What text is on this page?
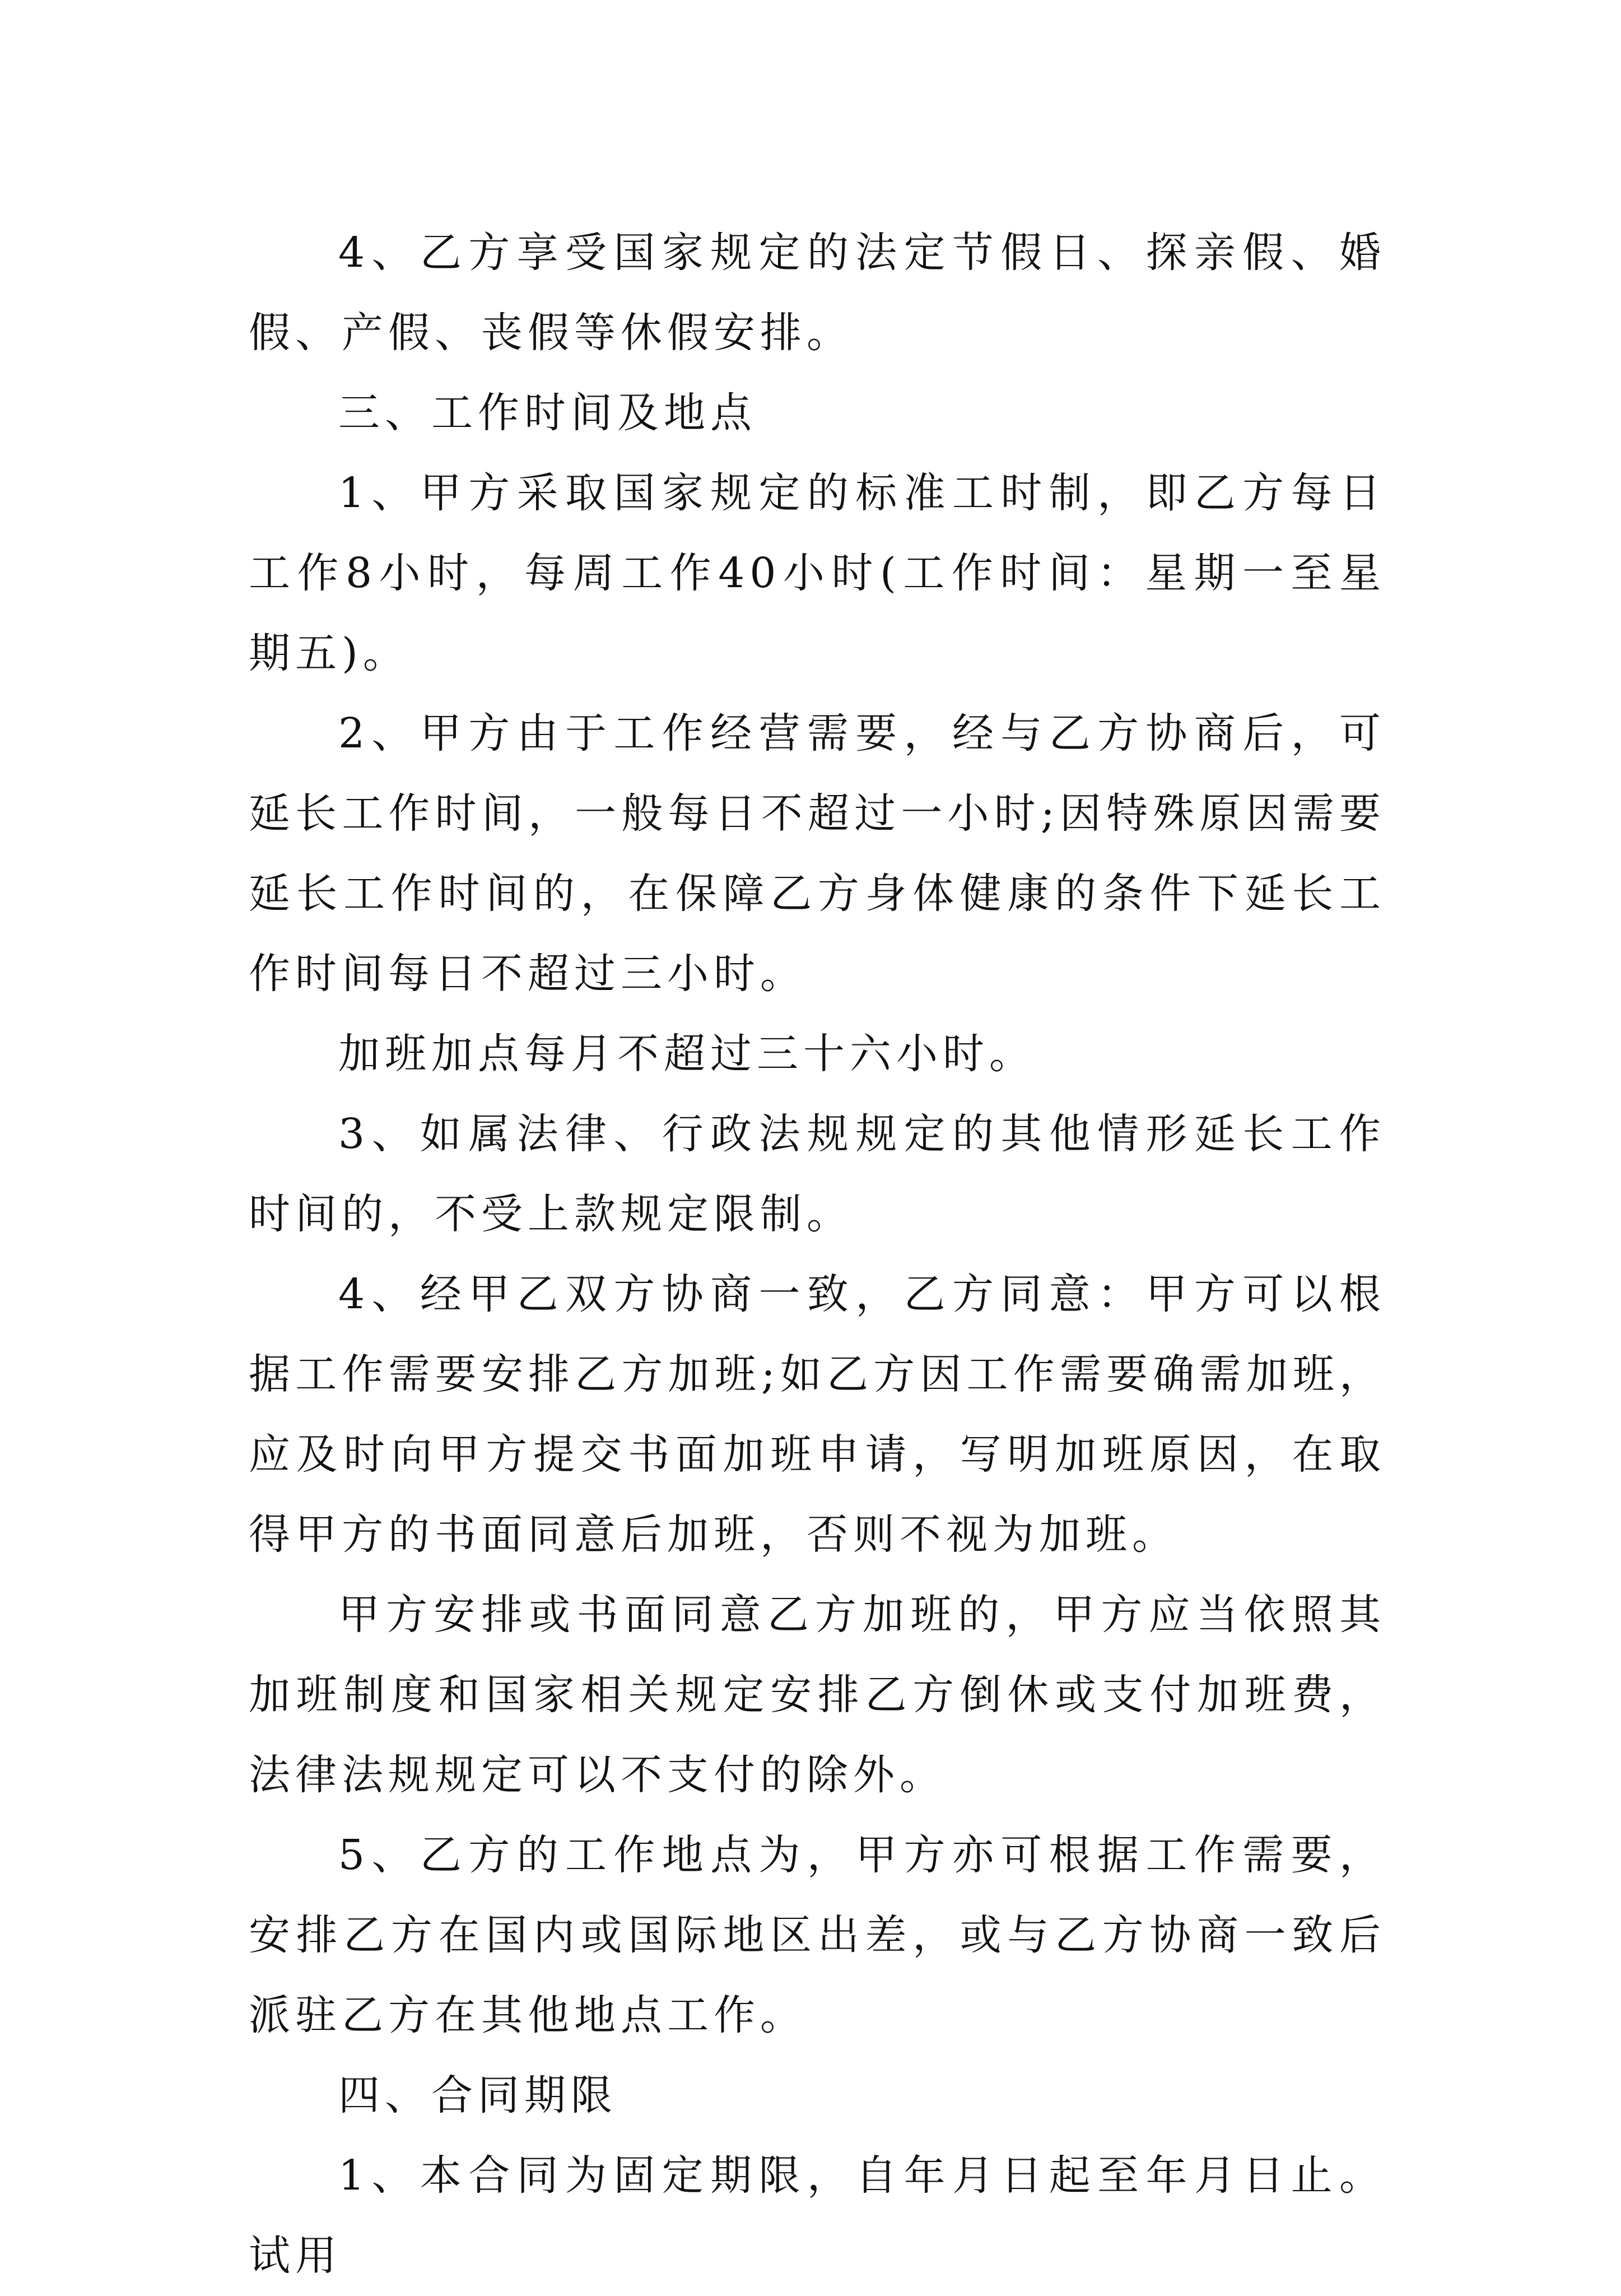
4、乙方享受国家规定的法定节假日、探亲假、婚假、产假、丧假等休假安排。

三、工作时间及地点

1、甲方采取国家规定的标准工时制，即乙方每日工作8小时，每周工作40小时(工作时间：星期一至星期五)。

2、甲方由于工作经营需要，经与乙方协商后，可延长工作时间，一般每日不超过一小时;因特殊原因需要延长工作时间的，在保障乙方身体健康的条件下延长工作时间每日不超过三小时。

加班加点每月不超过三十六小时。

3、如属法律、行政法规规定的其他情形延长工作时间的，不受上款规定限制。

4、经甲乙双方协商一致，乙方同意：甲方可以根据工作需要安排乙方加班;如乙方因工作需要确需加班，应及时向甲方提交书面加班申请，写明加班原因，在取得甲方的书面同意后加班，否则不视为加班。

甲方安排或书面同意乙方加班的，甲方应当依照其加班制度和国家相关规定安排乙方倒休或支付加班费，法律法规规定可以不支付的除外。

5、乙方的工作地点为，甲方亦可根据工作需要，安排乙方在国内或国际地区出差，或与乙方协商一致后派驻乙方在其他地点工作。

四、合同期限

1、本合同为固定期限，自年月日起至年月日止。试用
